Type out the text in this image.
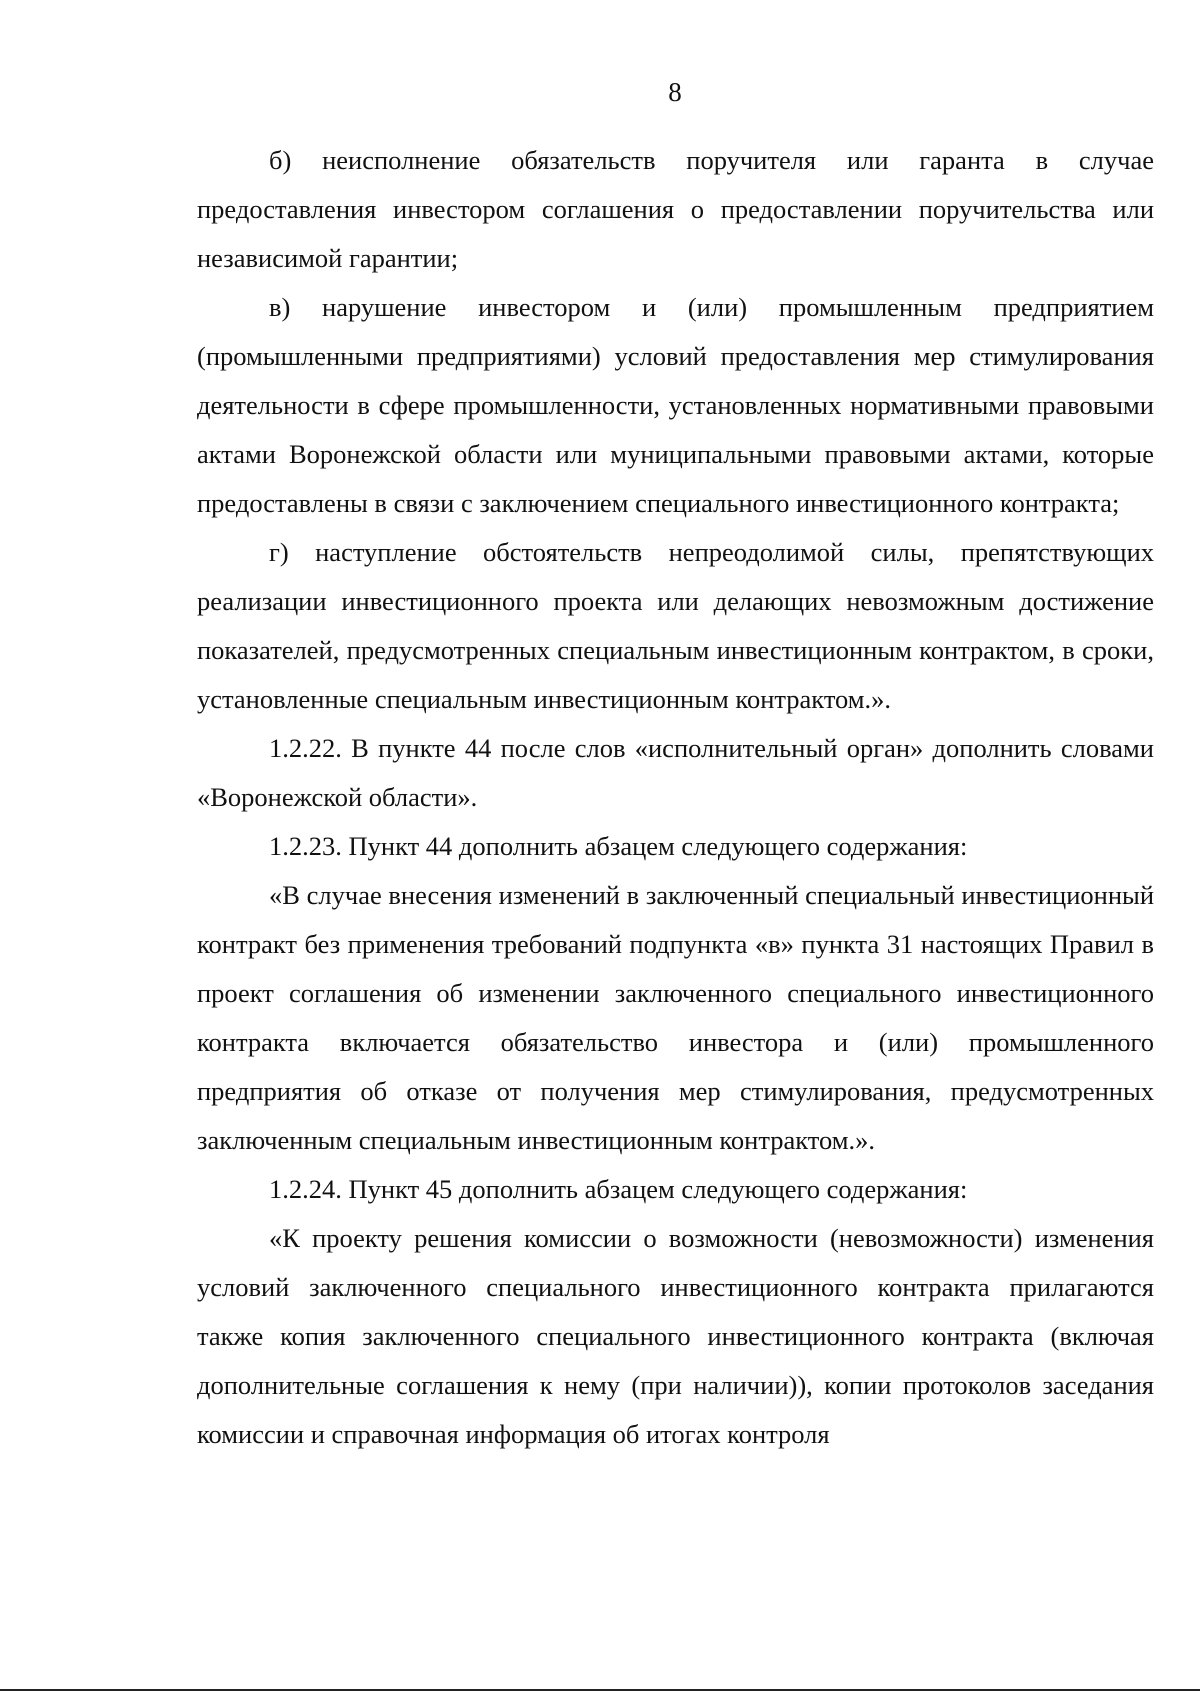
8

б) неисполнение обязательств поручителя или гаранта в случае предоставления инвестором соглашения о предоставлении поручительства или независимой гарантии;

в) нарушение инвестором и (или) промышленным предприятием (промышленными предприятиями) условий предоставления мер стимулирования деятельности в сфере промышленности, установленных нормативными правовыми актами Воронежской области или муниципальными правовыми актами, которые предоставлены в связи с заключением специального инвестиционного контракта;

г) наступление обстоятельств непреодолимой силы, препятствующих реализации инвестиционного проекта или делающих невозможным достижение показателей, предусмотренных специальным инвестиционным контрактом, в сроки, установленные специальным инвестиционным контрактом.».

1.2.22. В пункте 44 после слов «исполнительный орган» дополнить словами «Воронежской области».

1.2.23. Пункт 44 дополнить абзацем следующего содержания:

«В случае внесения изменений в заключенный специальный инвестиционный контракт без применения требований подпункта «в» пункта 31 настоящих Правил в проект соглашения об изменении заключенного специального инвестиционного контракта включается обязательство инвестора и (или) промышленного предприятия об отказе от получения мер стимулирования, предусмотренных заключенным специальным инвестиционным контрактом.».

1.2.24. Пункт 45 дополнить абзацем следующего содержания:

«К проекту решения комиссии о возможности (невозможности) изменения условий заключенного специального инвестиционного контракта прилагаются также копия заключенного специального инвестиционного контракта (включая дополнительные соглашения к нему (при наличии)), копии протоколов заседания комиссии и справочная информация об итогах контроля
